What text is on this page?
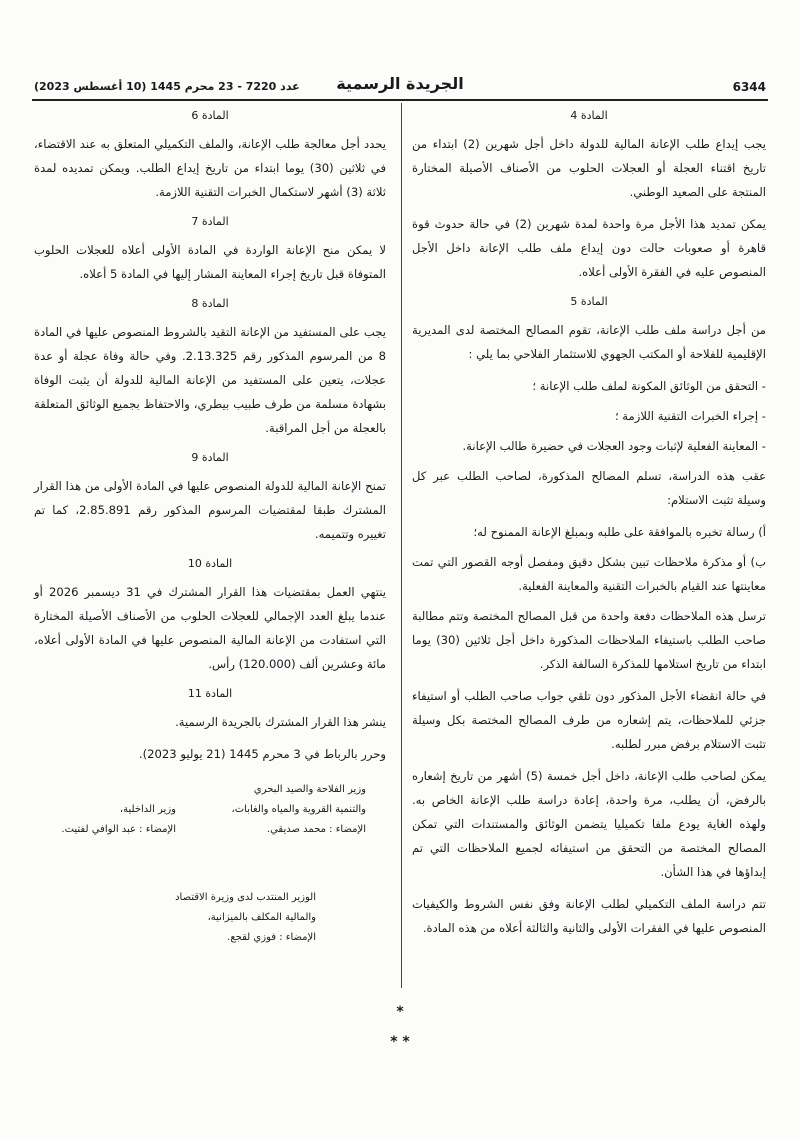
6344
الجريدة الرسمية
عدد 7220 - 23 محرم 1445 (10 أغسطس 2023)
المادة 4

يجب إيداع طلب الإعانة المالية للدولة داخل أجل شهرين (2) ابتداء من تاريخ اقتناء العجلة أو العجلات الحلوب من الأصناف الأصيلة المختارة المنتجة على الصعيد الوطني.

يمكن تمديد هذا الأجل مرة واحدة لمدة شهرين (2) في حالة حدوث قوة قاهرة أو صعوبات حالت دون إيداع ملف طلب الإعانة داخل الأجل المنصوص عليه في الفقرة الأولى أعلاه.

المادة 5

من أجل دراسة ملف طلب الإعانة، تقوم المصالح المختصة لدى المديرية الإقليمية للفلاحة أو المكتب الجهوي للاستثمار الفلاحي بما يلي :

- التحقق من الوثائق المكونة لملف طلب الإعانة ؛
- إجراء الخبرات التقنية اللازمة ؛
- المعاينة الفعلية لإثبات وجود العجلات في حضيرة طالب الإعانة.

عقب هذه الدراسة، تسلم المصالح المذكورة، لصاحب الطلب عبر كل وسيلة تثبت الاستلام:

أ) رسالة تخبره بالموافقة على طلبه وبمبلغ الإعانة الممنوح له؛
ب) أو مذكرة ملاحظات تبين بشكل دقيق ومفصل أوجه القصور التي تمت معاينتها عند القيام بالخبرات التقنية والمعاينة الفعلية.

ترسل هذه الملاحظات دفعة واحدة من قبل المصالح المختصة وتتم مطالبة صاحب الطلب باستيفاء الملاحظات المذكورة داخل أجل ثلاثين (30) يوما ابتداء من تاريخ استلامها للمذكرة السالفة الذكر.

في حالة انقضاء الأجل المذكور دون تلقي جواب صاحب الطلب أو استيفاء جزئي للملاحظات، يتم إشعاره من طرف المصالح المختصة بكل وسيلة تثبت الاستلام برفض مبرر لطلبه.

يمكن لصاحب طلب الإعانة، داخل أجل خمسة (5) أشهر من تاريخ إشعاره بالرفض، أن يطلب، مرة واحدة، إعادة دراسة طلب الإعانة الخاص به. ولهذه الغاية يودع ملفا تكميليا يتضمن الوثائق والمستندات التي تمكن المصالح المختصة من التحقق من استيفائه لجميع الملاحظات التي تم إبداؤها في هذا الشأن.

تتم دراسة الملف التكميلي لطلب الإعانة وفق نفس الشروط والكيفيات المنصوص عليها في الفقرات الأولى والثانية والثالثة أعلاه من هذه المادة.

المادة 6

يحدد أجل معالجة طلب الإعانة، والملف التكميلي المتعلق به عند الاقتضاء، في ثلاثين (30) يوما ابتداء من تاريخ إيداع الطلب. ويمكن تمديده لمدة ثلاثة (3) أشهر لاستكمال الخبرات التقنية اللازمة.

المادة 7

لا يمكن منح الإعانة الواردة في المادة الأولى أعلاه للعجلات الحلوب المتوفاة قبل تاريخ إجراء المعاينة المشار إليها في المادة 5 أعلاه.

المادة 8

يجب على المستفيد من الإعانة التقيد بالشروط المنصوص عليها في المادة 8 من المرسوم المذكور رقم 2.13.325. وفي حالة وفاة عجلة أو عدة عجلات، يتعين على المستفيد من الإعانة المالية للدولة أن يثبت الوفاة بشهادة مسلمة من طرف طبيب بيطري، والاحتفاظ بجميع الوثائق المتعلقة بالعجلة من أجل المراقبة.

المادة 9

تمنح الإعانة المالية للدولة المنصوص عليها في المادة الأولى من هذا القرار المشترك طبقا لمقتضيات المرسوم المذكور رقم 2.85.891، كما تم تغييره وتتميمه.

المادة 10

ينتهي العمل بمقتضيات هذا القرار المشترك في 31 ديسمبر 2026 أو عندما يبلغ العدد الإجمالي للعجلات الحلوب من الأصناف الأصيلة المختارة التي استفادت من الإعانة المالية المنصوص عليها في المادة الأولى أعلاه، مائة وعشرين ألف (120.000) رأس.

المادة 11

ينشر هذا القرار المشترك بالجريدة الرسمية.

وحرر بالرباط في 3 محرم 1445 (21 يوليو 2023).

وزير الفلاحة والصيد البحري
والتنمية القروية والمياه والغابات،
الإمضاء : محمد صديقي.
وزير الداخلية،
الإمضاء : عبد الوافي لفتيت.
الوزير المنتدب لدى وزيرة الاقتصاد
والمالية المكلف بالميزانية،
الإمضاء : فوزي لقجع.
*
* *
